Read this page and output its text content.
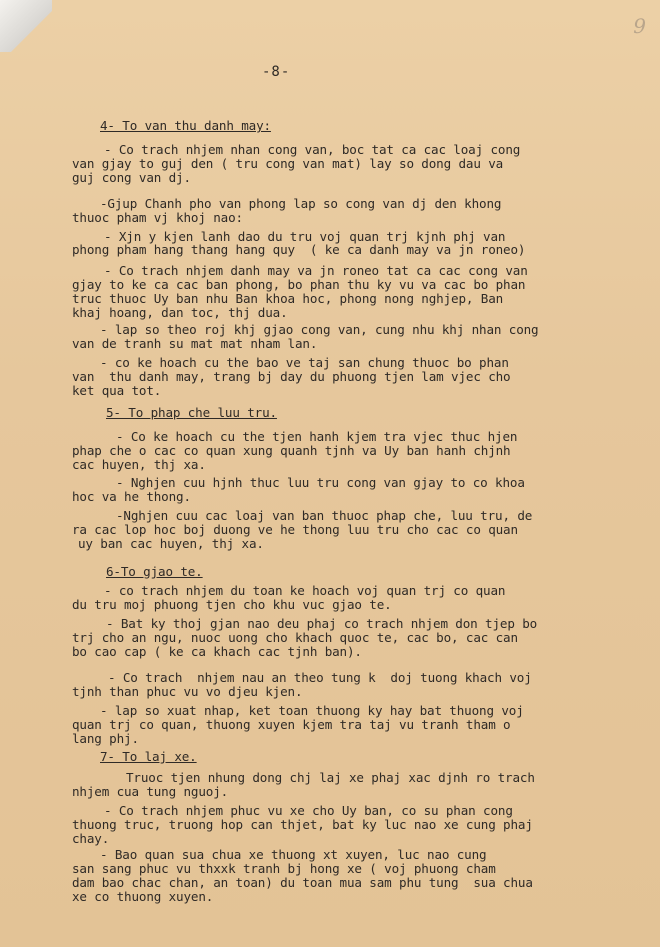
9
-8-
4- To van thu danh may:
- Co trach nhjem nhan cong van, boc tat ca cac loaj cong
van gjay to guj den ( tru cong van mat) lay so dong dau va
guj cong van dj.
-Gjup Chanh pho van phong lap so cong van dj den khong
thuoc pham vj khoj nao:
- Xjn y kjen lanh dao du tru voj quan trj kjnh phj van
phong pham hang thang hang quy  ( ke ca danh may va jn roneo)
- Co trach nhjem danh may va jn roneo tat ca cac cong van
gjay to ke ca cac ban phong, bo phan thu ky vu va cac bo phan
truc thuoc Uy ban nhu Ban khoa hoc, phong nong nghjep, Ban
khaj hoang, dan toc, thj dua.
- lap so theo roj khj gjao cong van, cung nhu khj nhan cong
van de tranh su mat mat nham lan.
- co ke hoach cu the bao ve taj san chung thuoc bo phan
van  thu danh may, trang bj day du phuong tjen lam vjec cho
ket qua tot.
5- To phap che luu tru.
- Co ke hoach cu the tjen hanh kjem tra vjec thuc hjen
phap che o cac co quan xung quanh tjnh va Uy ban hanh chjnh
cac huyen, thj xa.
- Nghjen cuu hjnh thuc luu tru cong van gjay to co khoa
hoc va he thong.
-Nghjen cuu cac loaj van ban thuoc phap che, luu tru, de
ra cac lop hoc boj duong ve he thong luu tru cho cac co quan
uy ban cac huyen, thj xa.
6-To gjao te.
- co trach nhjem du toan ke hoach voj quan trj co quan
du tru moj phuong tjen cho khu vuc gjao te.
- Bat ky thoj gjan nao deu phaj co trach nhjem don tjep bo
trj cho an ngu, nuoc uong cho khach quoc te, cac bo, cac can
bo cao cap ( ke ca khach cac tjnh ban).
- Co trach  nhjem nau an theo tung k  doj tuong khach voj
tjnh than phuc vu vo djeu kjen.
- lap so xuat nhap, ket toan thuong ky hay bat thuong voj
quan trj co quan, thuong xuyen kjem tra taj vu tranh tham o
lang phj.
7- To laj xe.
Truoc tjen nhung dong chj laj xe phaj xac djnh ro trach
nhjem cua tung nguoj.
- Co trach nhjem phuc vu xe cho Uy ban, co su phan cong
thuong truc, truong hop can thjet, bat ky luc nao xe cung phaj
chay.
- Bao quan sua chua xe thuong xt xuyen, luc nao cung
san sang phuc vu thxxk tranh bj hong xe ( voj phuong cham
dam bao chac chan, an toan) du toan mua sam phu tung  sua chua
xe co thuong xuyen.
